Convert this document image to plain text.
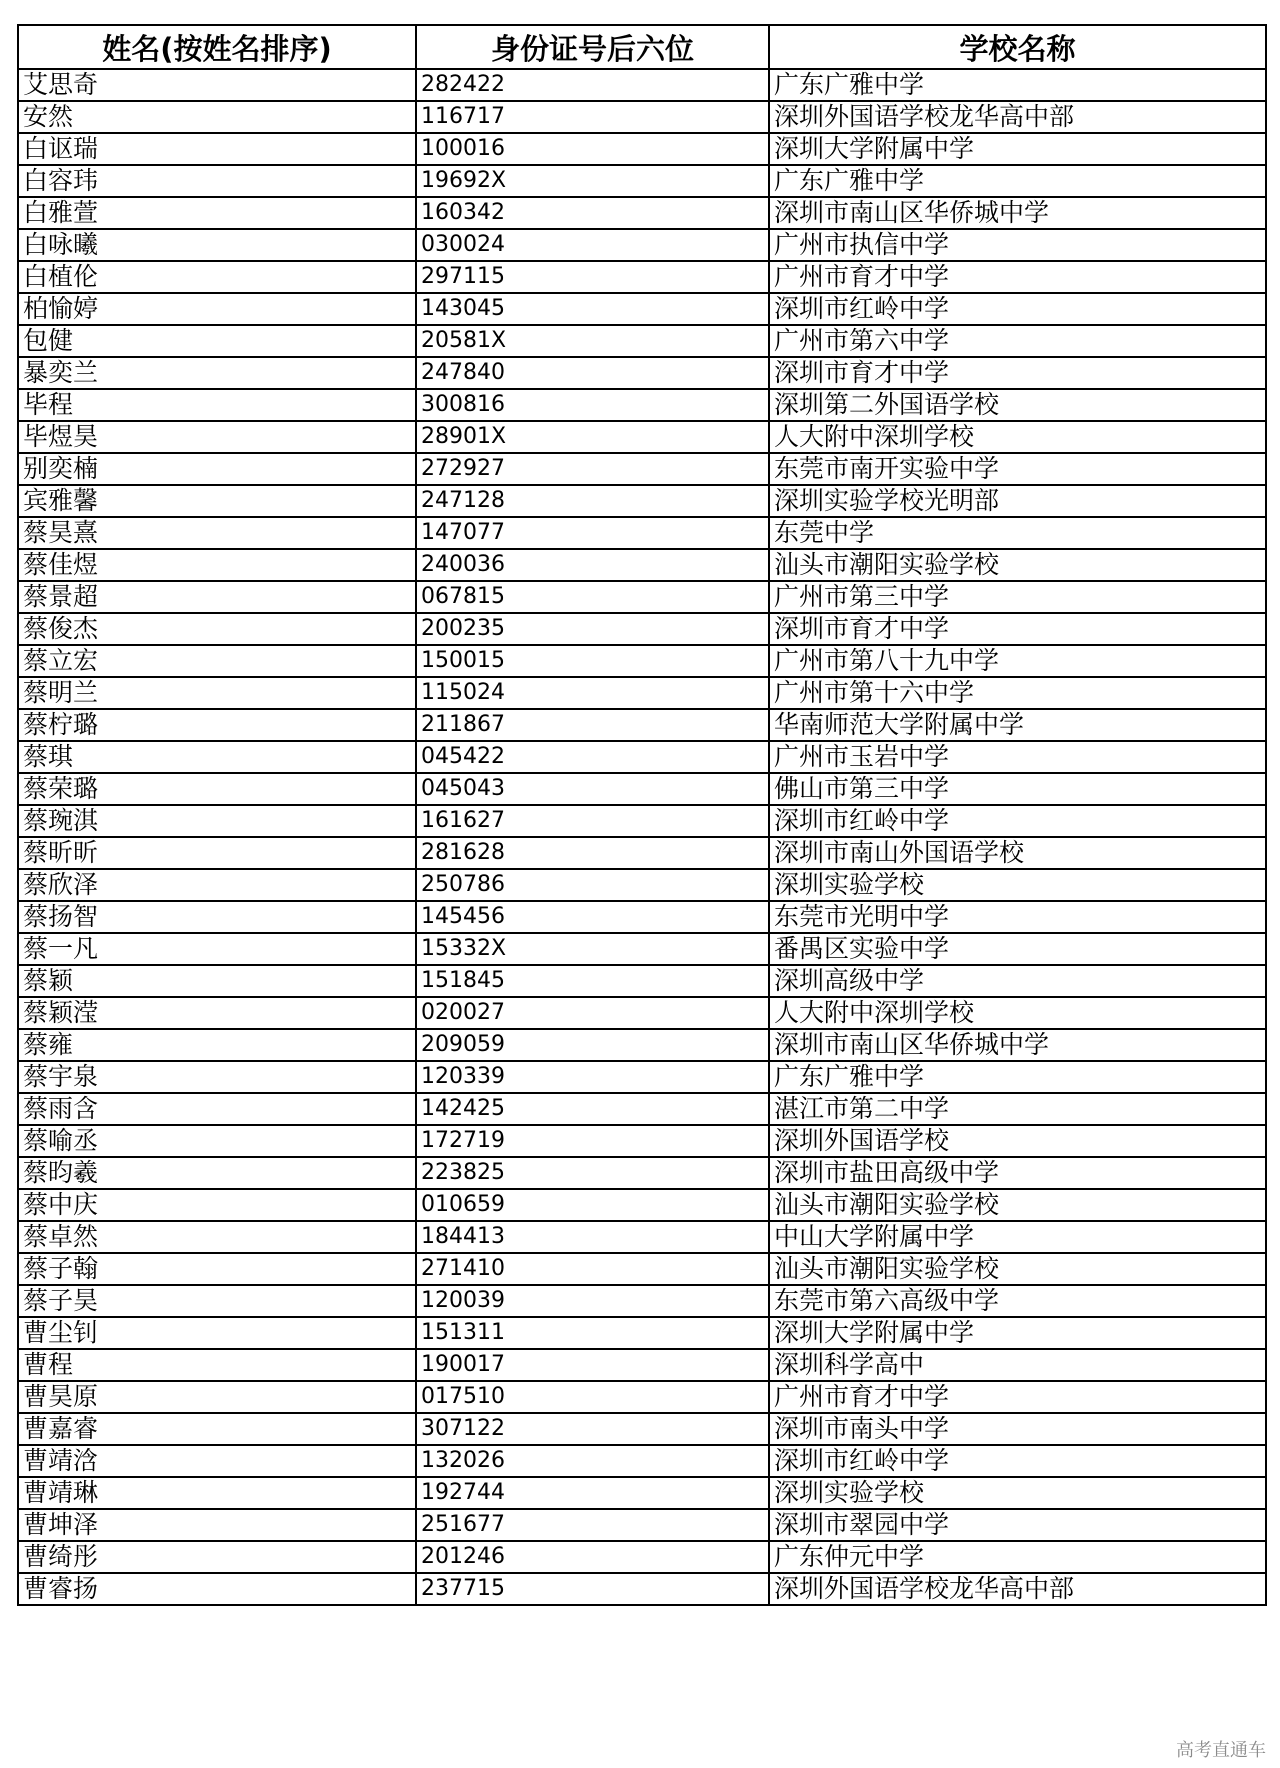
姓名(按姓名排序)	身份证号后六位	学校名称
艾思奇	282422	广东广雅中学
安然	116717	深圳外国语学校龙华高中部
白讴瑞	100016	深圳大学附属中学
白容玮	19692X	广东广雅中学
白雅萱	160342	深圳市南山区华侨城中学
白咏曦	030024	广州市执信中学
白植伦	297115	广州市育才中学
柏愉婷	143045	深圳市红岭中学
包健	20581X	广州市第六中学
暴奕兰	247840	深圳市育才中学
毕程	300816	深圳第二外国语学校
毕煜昊	28901X	人大附中深圳学校
别奕楠	272927	东莞市南开实验中学
宾雅馨	247128	深圳实验学校光明部
蔡昊熹	147077	东莞中学
蔡佳煜	240036	汕头市潮阳实验学校
蔡景超	067815	广州市第三中学
蔡俊杰	200235	深圳市育才中学
蔡立宏	150015	广州市第八十九中学
蔡明兰	115024	广州市第十六中学
蔡柠璐	211867	华南师范大学附属中学
蔡琪	045422	广州市玉岩中学
蔡荣璐	045043	佛山市第三中学
蔡琬淇	161627	深圳市红岭中学
蔡昕昕	281628	深圳市南山外国语学校
蔡欣泽	250786	深圳实验学校
蔡扬智	145456	东莞市光明中学
蔡一凡	15332X	番禺区实验中学
蔡颖	151845	深圳高级中学
蔡颖滢	020027	人大附中深圳学校
蔡雍	209059	深圳市南山区华侨城中学
蔡宇泉	120339	广东广雅中学
蔡雨含	142425	湛江市第二中学
蔡喻丞	172719	深圳外国语学校
蔡昀羲	223825	深圳市盐田高级中学
蔡中庆	010659	汕头市潮阳实验学校
蔡卓然	184413	中山大学附属中学
蔡子翰	271410	汕头市潮阳实验学校
蔡子昊	120039	东莞市第六高级中学
曹尘钊	151311	深圳大学附属中学
曹程	190017	深圳科学高中
曹昊原	017510	广州市育才中学
曹嘉睿	307122	深圳市南头中学
曹靖浛	132026	深圳市红岭中学
曹靖琳	192744	深圳实验学校
曹坤泽	251677	深圳市翠园中学
曹绮彤	201246	广东仲元中学
曹睿扬	237715	深圳外国语学校龙华高中部
高考直通车
